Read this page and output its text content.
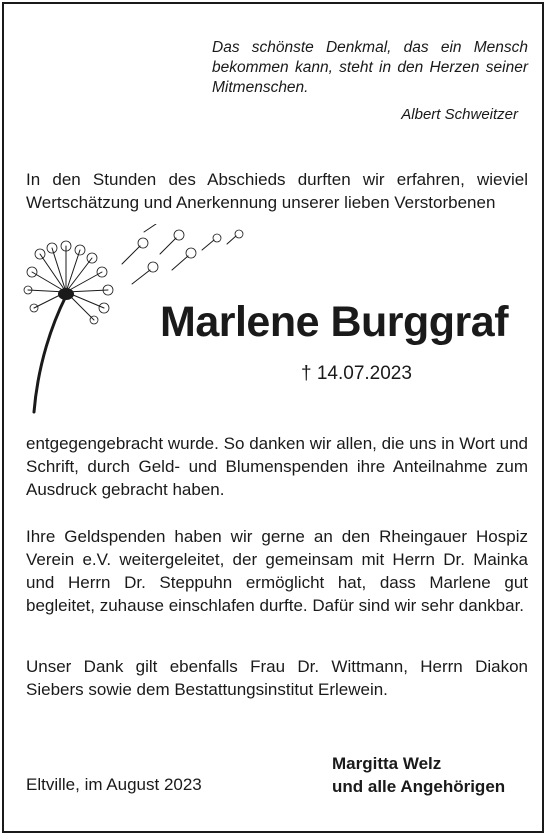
Das schönste Denkmal, das ein Mensch bekommen kann, steht in den Herzen seiner Mitmenschen.
Albert Schweitzer
In den Stunden des Abschieds durften wir erfahren, wieviel Wertschätzung und Anerkennung unserer lieben Verstorbenen
Marlene Burggraf
† 14.07.2023
entgegengebracht wurde. So danken wir allen, die uns in Wort und Schrift, durch Geld- und Blumenspenden ihre Anteilnahme zum Ausdruck gebracht haben.
Ihre Geldspenden haben wir gerne an den Rheingauer Hospiz Verein e.V. weitergeleitet, der gemeinsam mit Herrn Dr. Mainka und Herrn Dr. Steppuhn ermöglicht hat, dass Marlene gut begleitet, zuhause einschlafen durfte. Dafür sind wir sehr dankbar.
Unser Dank gilt ebenfalls Frau Dr. Wittmann, Herrn Diakon Siebers sowie dem Bestattungsinstitut Erlewein.
Eltville, im August 2023
Margitta Welz
und alle Angehörigen
